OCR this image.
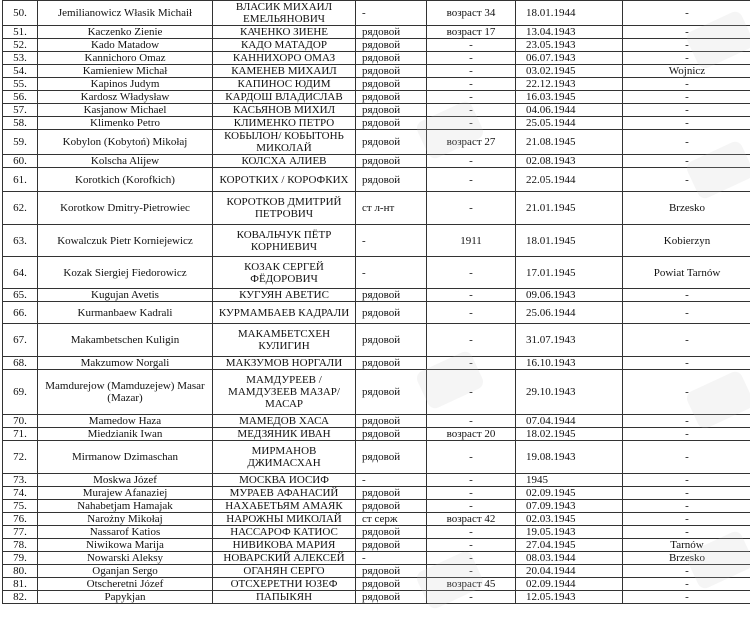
50.	Jemilianowicz Własik Michaił	ВЛАСИК МИХАИЛ ЕМЕЛЬЯНОВИЧ	-	возраст 34	18.01.1944	-
51.	Kaczenko Zienie	КАЧЕНКО ЗИЕНЕ	рядовой	возраст 17	13.04.1943	-
52.	Kado Matadow	КАДО МАТАДОР	рядовой	-	23.05.1943	-
53.	Kannichoro Omaz	КАННИХОРО ОМАЗ	рядовой	-	06.07.1943	-
54.	Kamieniew Michał	КАМЕНЕВ МИХАИЛ	рядовой	-	03.02.1945	Wojnicz
55.	Kapinos Judym	КАПИНОС ЮДИМ	рядовой	-	22.12.1943	-
56.	Kardosz Władysław	КАРДОШ ВЛАДИСЛАВ	рядовой	-	16.03.1945	-
57.	Kasjanow Michael	КАСЬЯНОВ МИХИЛ	рядовой	-	04.06.1944	-
58.	Klimenko Petro	КЛИМЕНКО ПЕТРО	рядовой	-	25.05.1944	-
59.	Kobylon (Kobytoń) Mikołaj	КОБЫЛОН/ КОБЫТОНЬ МИКОЛАЙ	рядовой	возраст 27	21.08.1945	-
60.	Kolscha Alijew	КОЛСХА АЛИЕВ	рядовой	-	02.08.1943	-
61.	Korotkich (Korofkich)	КОРОТКИХ / КОРОФКИХ	рядовой	-	22.05.1944	-
62.	Korotkow Dmitry-Pietrowiec	КОРОТКОВ ДМИТРИЙ ПЕТРОВИЧ	ст л-нт	-	21.01.1945	Brzesko
63.	Kowalczuk Pietr Korniejewicz	КОВАЛЬЧУК ПЁТР КОРНИЕВИЧ	-	1911	18.01.1945	Kobierzyn
64.	Kozak Siergiej Fiedorowicz	КОЗАК СЕРГЕЙ ФЁДОРОВИЧ	-	-	17.01.1945	Powiat Tarnów
65.	Kugujan Avetis	КУГУЯН АВЕТИС	рядовой	-	09.06.1943	-
66.	Kurmanbaew Kadrali	КУРМАМБАЕВ КАДРАЛИ	рядовой	-	25.06.1944	-
67.	Makambetschen Kuligin	МАКАМБЕТСХЕН КУЛИГИН	рядовой	-	31.07.1943	-
68.	Makzumow Norgali	МАКЗУМОВ НОРГАЛИ	рядовой	-	16.10.1943	-
69.	Mamdurejow (Mamduzejew) Masar (Mazar)	МАМДУРЕЕВ / МАМДУЗЕЕВ МАЗАР/ МАСАР	рядовой	-	29.10.1943	-
70.	Mamedow Haza	МАМЕДОВ ХАСА	рядовой	-	07.04.1944	-
71.	Miedzianik Iwan	МЕДЗЯНИК ИВАН	рядовой	возраст 20	18.02.1945	-
72.	Mirmanow Dzimaschan	МИРМАНОВ ДЖИМАСХАН	рядовой	-	19.08.1943	-
73.	Moskwa Józef	МОСКВА ИОСИФ	-	-	1945	-
74.	Murajew Afanaziej	МУРАЕВ АФАНАСИЙ	рядовой	-	02.09.1945	-
75.	Nahabetjam Hamajak	НАХАБЕТЬЯМ АМАЯК	рядовой	-	07.09.1943	-
76.	Narożny Mikołaj	НАРОЖНЫ МИКОЛАЙ	ст серж	возраст 42	02.03.1945	-
77.	Nassarof Katios	НАССАРОФ КАТИОС	рядовой	-	19.05.1943	-
78.	Niwikowa Marija	НИВИКОВА МАРИЯ	рядовой	-	27.04.1945	Tarnów
79.	Nowarski Aleksy	НОВАРСКИЙ АЛЕКСЕЙ	-	-	08.03.1944	Brzesko
80.	Oganjan Sergo	ОГАНЯН СЕРГО	рядовой	-	20.04.1944	-
81.	Otscheretni Józef	ОТСХЕРЕТНИ ЮЗЕФ	рядовой	возраст 45	02.09.1944	-
82.	Papykjan	ПАПЫКЯН	рядовой	-	12.05.1943	-
